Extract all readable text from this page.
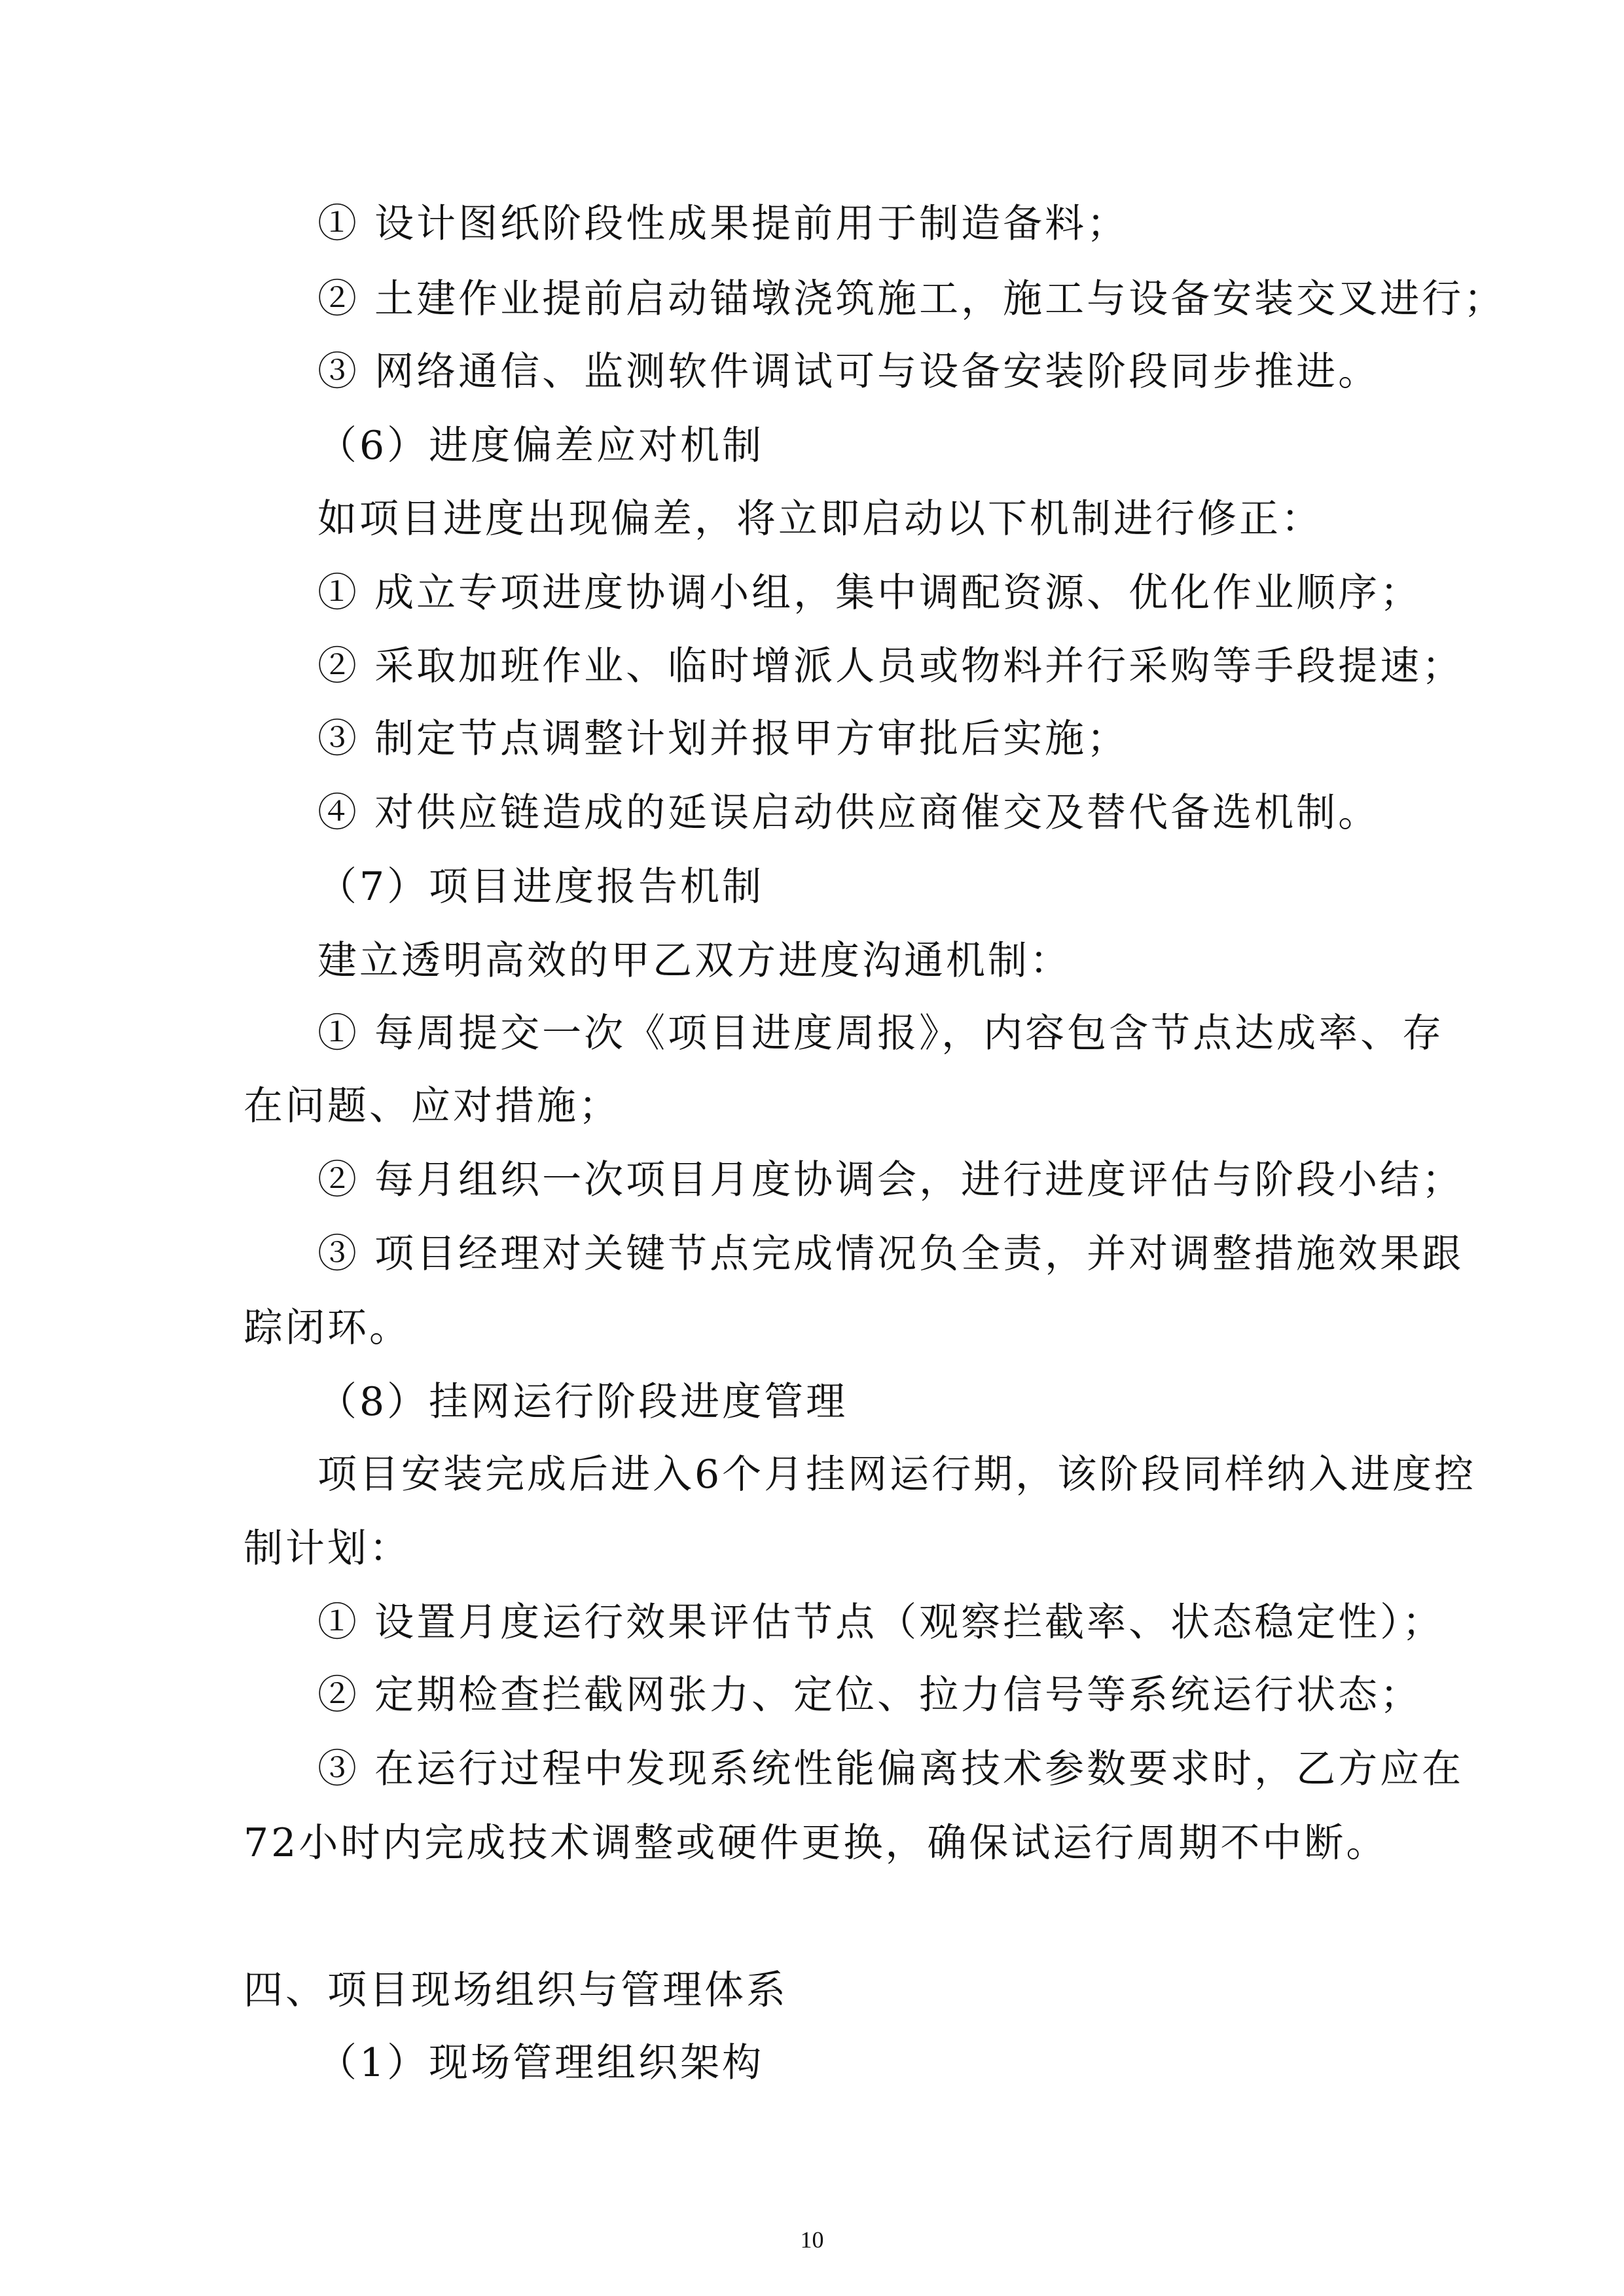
① 设计图纸阶段性成果提前用于制造备料；
② 土建作业提前启动锚墩浇筑施工，施工与设备安装交叉进行；
③ 网络通信、监测软件调试可与设备安装阶段同步推进。
（6）进度偏差应对机制
如项目进度出现偏差，将立即启动以下机制进行修正：
① 成立专项进度协调小组，集中调配资源、优化作业顺序；
② 采取加班作业、临时增派人员或物料并行采购等手段提速；
③ 制定节点调整计划并报甲方审批后实施；
④ 对供应链造成的延误启动供应商催交及替代备选机制。
（7）项目进度报告机制
建立透明高效的甲乙双方进度沟通机制：
① 每周提交一次《项目进度周报》，内容包含节点达成率、存
在问题、应对措施；
② 每月组织一次项目月度协调会，进行进度评估与阶段小结；
③ 项目经理对关键节点完成情况负全责，并对调整措施效果跟
踪闭环。
（8）挂网运行阶段进度管理
项目安装完成后进入6个月挂网运行期，该阶段同样纳入进度控
制计划：
① 设置月度运行效果评估节点（观察拦截率、状态稳定性）；
② 定期检查拦截网张力、定位、拉力信号等系统运行状态；
③ 在运行过程中发现系统性能偏离技术参数要求时，乙方应在
72小时内完成技术调整或硬件更换，确保试运行周期不中断。
四、项目现场组织与管理体系
（1）现场管理组织架构
10
